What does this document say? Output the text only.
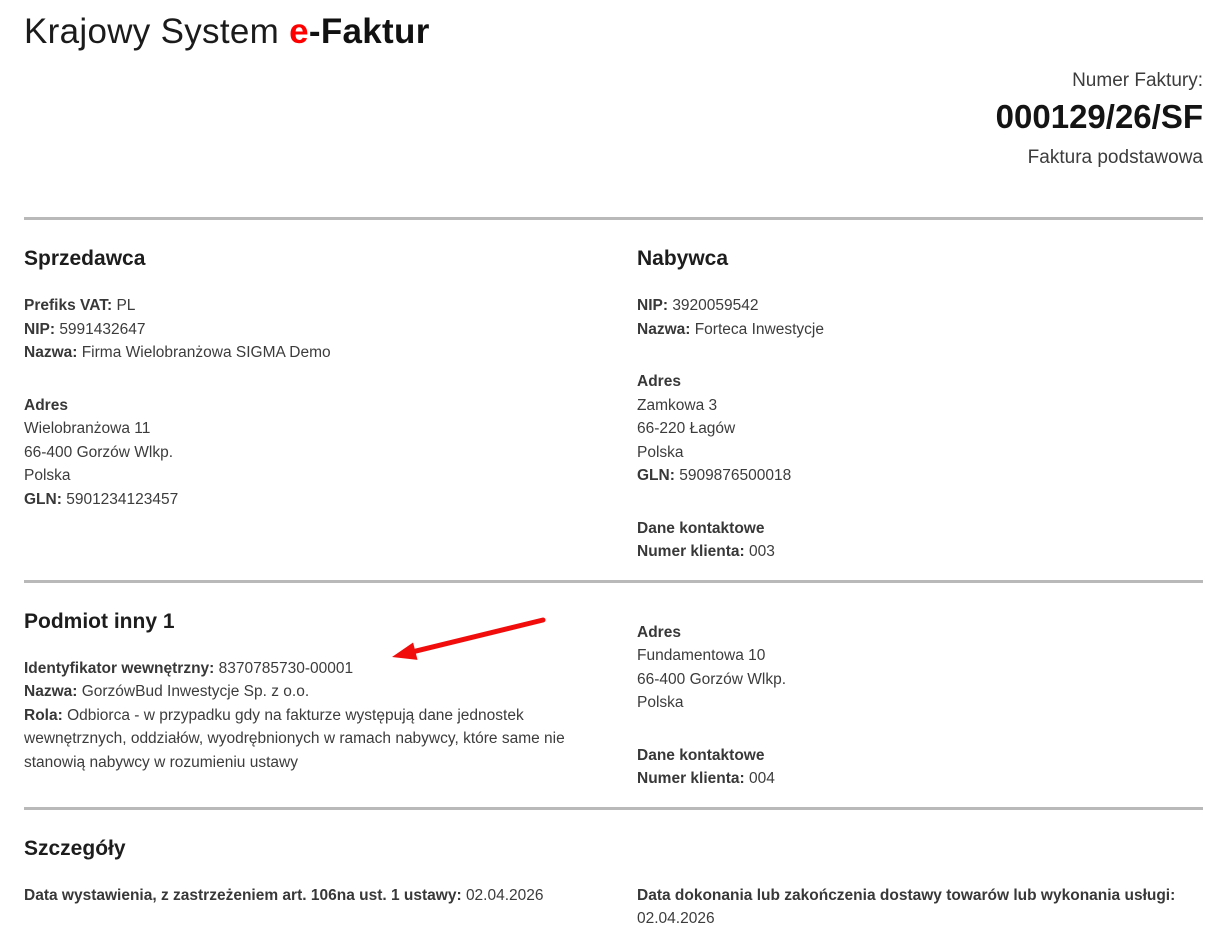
Krajowy System e-Faktur
Numer Faktury:
000129/26/SF
Faktura podstawowa
Sprzedawca

Prefiks VAT: PL

NIP: 5991432647

Nazwa: Firma Wielobranżowa SIGMA Demo

Adres

Wielobranżowa 11

66-400 Gorzów Wlkp.

Polska

GLN: 5901234123457

Nabywca

NIP: 3920059542

Nazwa: Forteca Inwestycje

Adres

Zamkowa 3

66-220 Łagów

Polska

GLN: 5909876500018

Dane kontaktowe

Numer klienta: 003

Podmiot inny 1

Identyfikator wewnętrzny: 8370785730-00001

Nazwa: GorzówBud Inwestycje Sp. z o.o.

Rola: Odbiorca - w przypadku gdy na fakturze występują dane jednostek wewnętrznych, oddziałów, wyodrębnionych w ramach nabywcy, które same nie stanowią nabywcy w rozumieniu ustawy

Adres

Fundamentowa 10

66-400 Gorzów Wlkp.

Polska

Dane kontaktowe

Numer klienta: 004

Szczegóły

Data wystawienia, z zastrzeżeniem art. 106na ust. 1 ustawy: 02.04.2026	Data dokonania lub zakończenia dostawy towarów lub wykonania usługi:
02.04.2026
